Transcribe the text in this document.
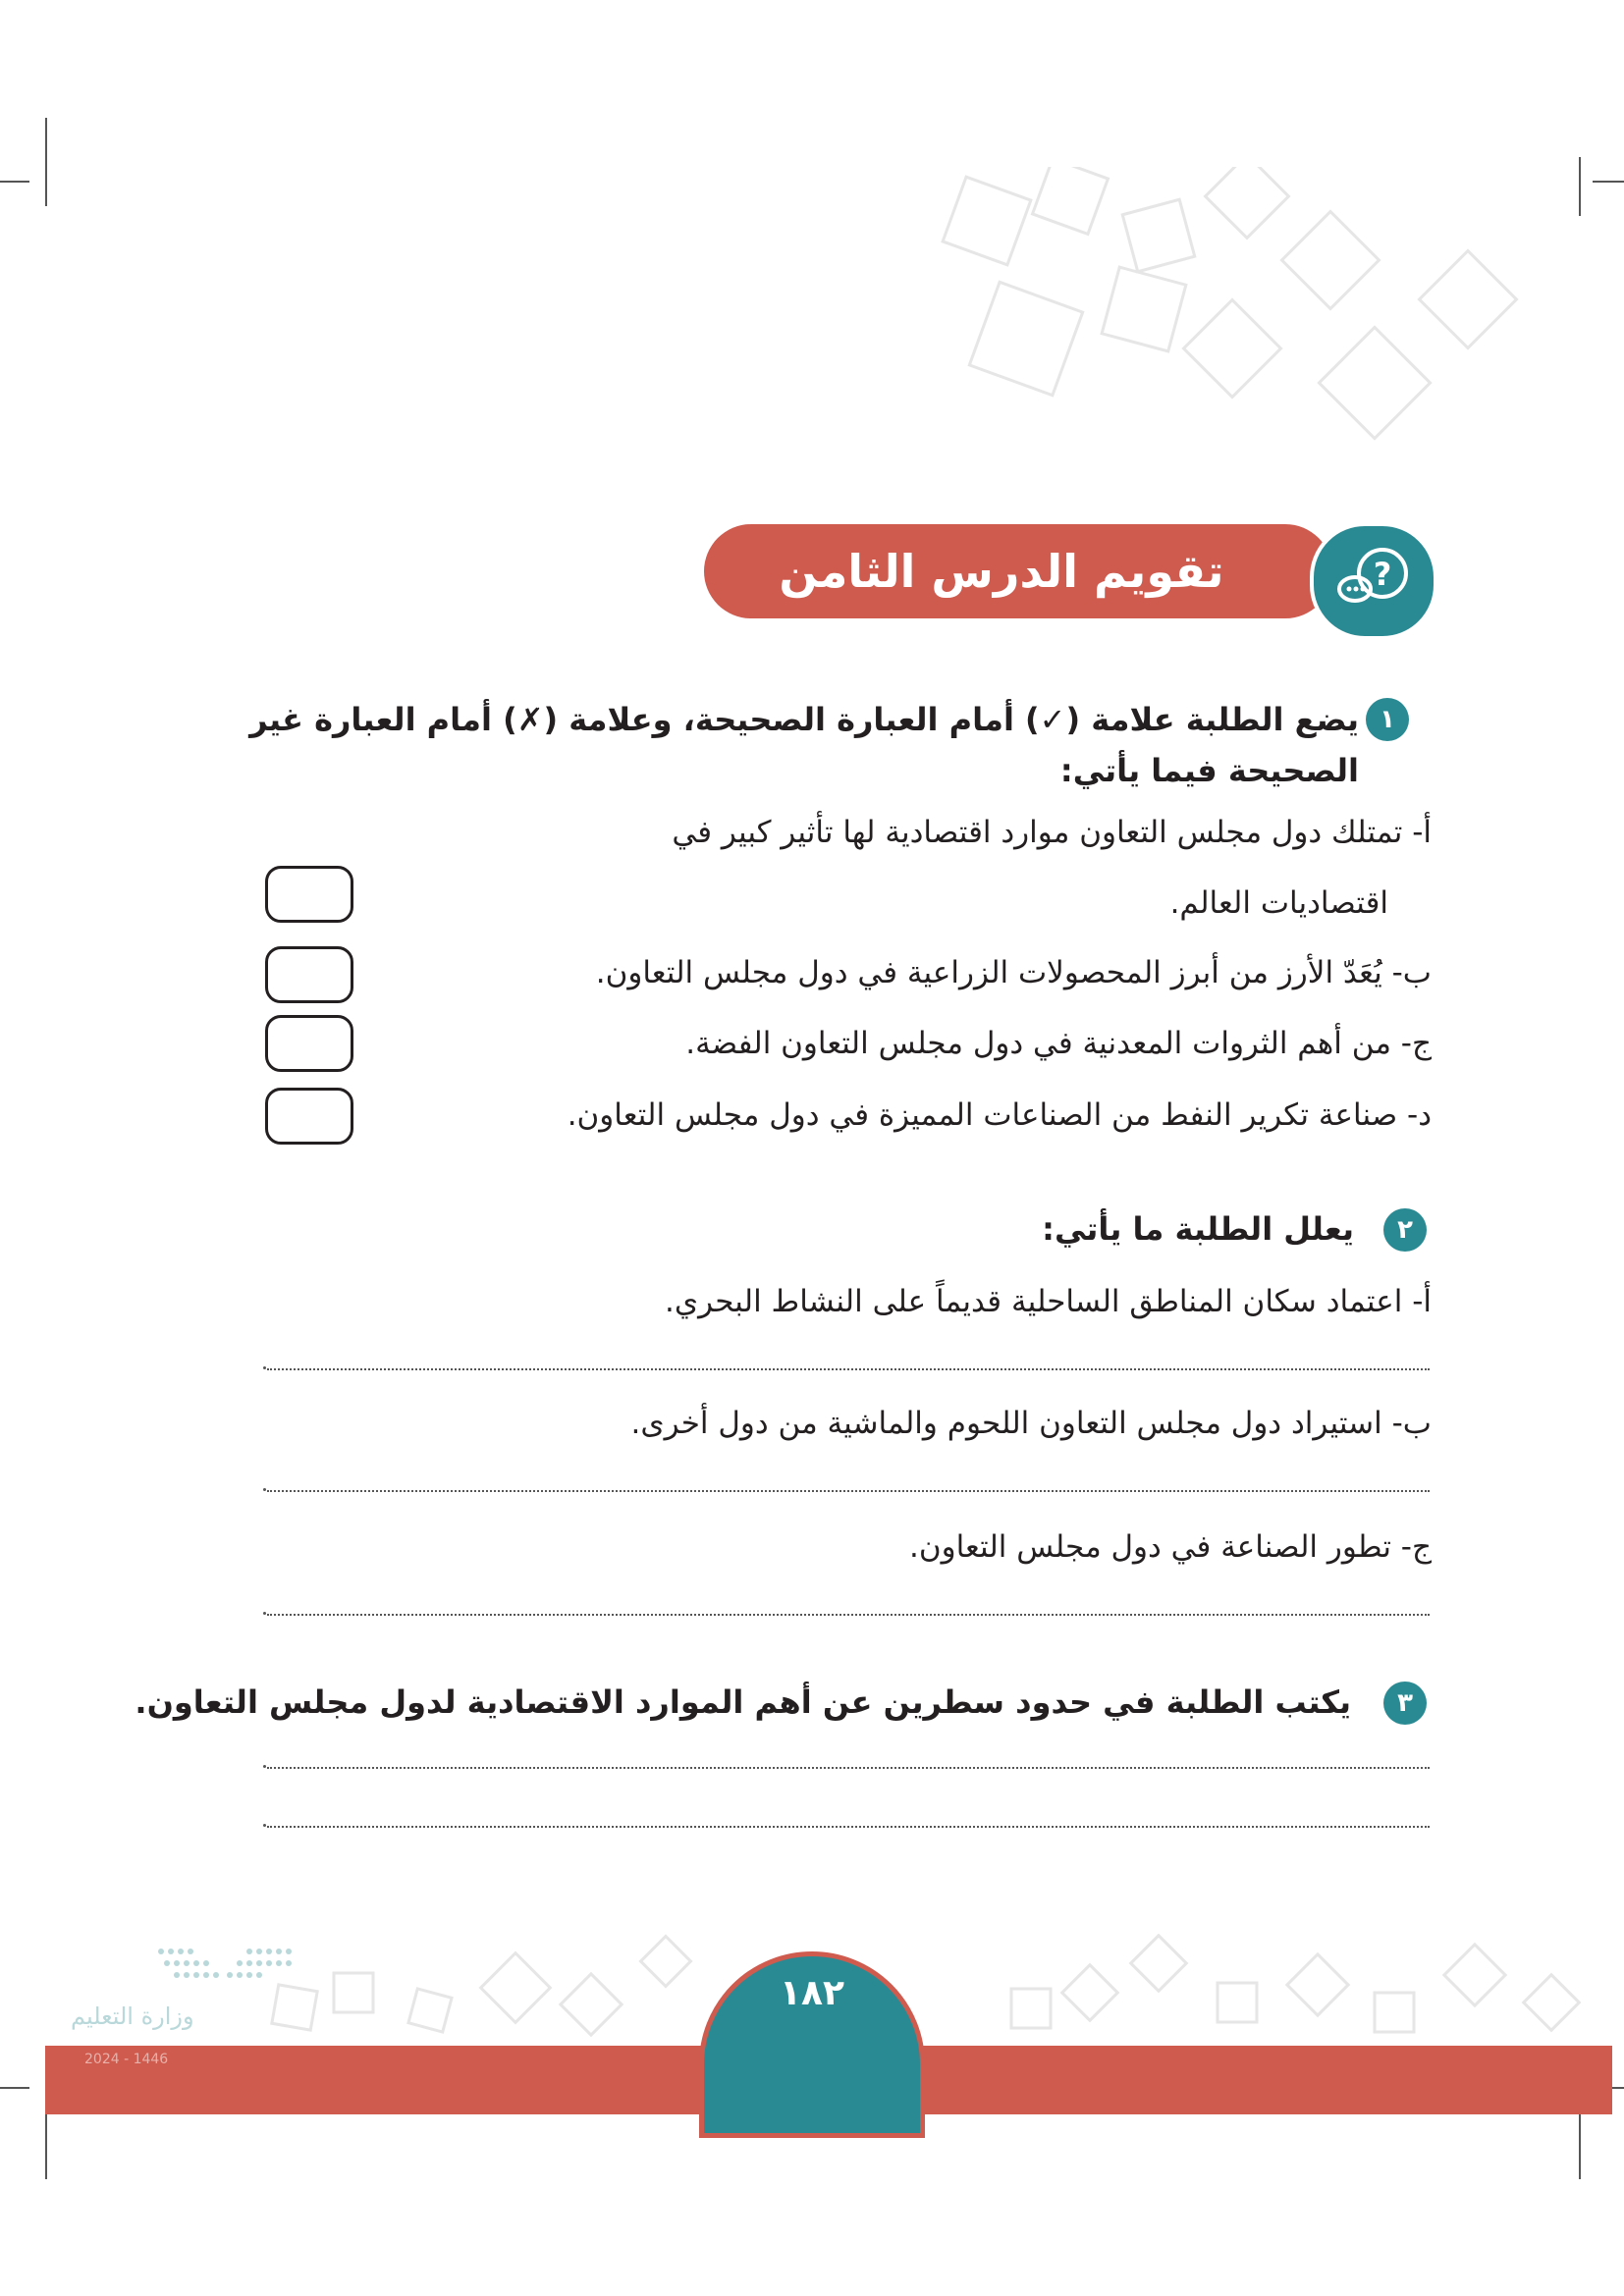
تقويم الدرس الثامن عشر
?
١
يضع الطلبة علامة (✓) أمام العبارة الصحيحة، وعلامة (✗) أمام العبارة غير
الصحيحة فيما يأتي:
أ- تمتلك دول مجلس التعاون موارد اقتصادية لها تأثير كبير في
اقتصاديات العالم.
ب- يُعَدّ الأرز من أبرز المحصولات الزراعية في دول مجلس التعاون.
ج- من أهم الثروات المعدنية في دول مجلس التعاون الفضة.
د- صناعة تكرير النفط من الصناعات المميزة في دول مجلس التعاون.
٢
يعلل الطلبة ما يأتي:
أ- اعتماد سكان المناطق الساحلية قديماً على النشاط البحري.
ب- استيراد دول مجلس التعاون اللحوم والماشية من دول أخرى.
ج- تطور الصناعة في دول مجلس التعاون.
٣
يكتب الطلبة في حدود سطرين عن أهم الموارد الاقتصادية لدول مجلس التعاون.
وزارة التعليم
2024 - 1446
١٨٢
